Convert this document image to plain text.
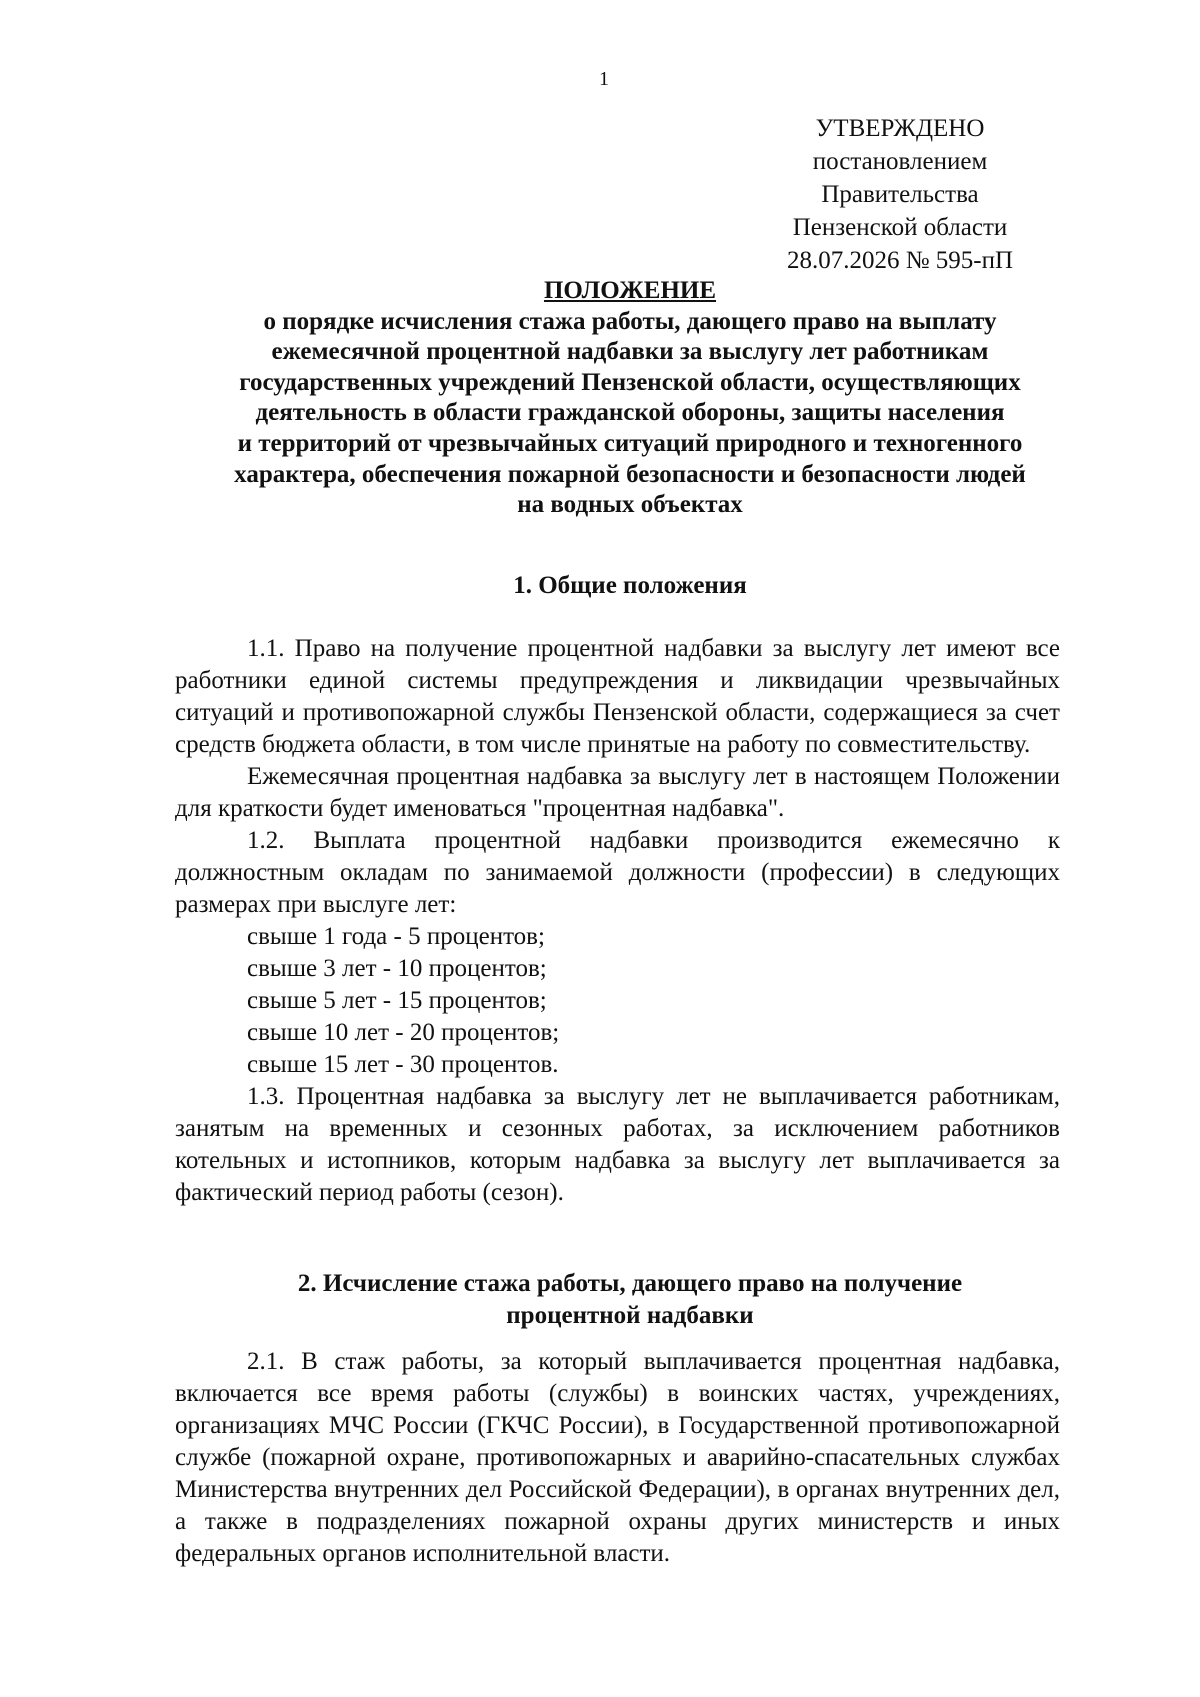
1
УТВЕРЖДЕНО
постановлением Правительства
Пензенской области
28.07.2026 № 595-пП
ПОЛОЖЕНИЕ
о порядке исчисления стажа работы, дающего право на выплату
ежемесячной процентной надбавки за выслугу лет работникам
государственных учреждений Пензенской области, осуществляющих
деятельность в области гражданской обороны, защиты населения
и территорий от чрезвычайных ситуаций природного и техногенного
характера, обеспечения пожарной безопасности и безопасности людей
на водных объектах
1. Общие положения

1.1. Право на получение процентной надбавки за выслугу лет имеют все работники единой системы предупреждения и ликвидации чрезвычайных ситуаций и противопожарной службы Пензенской области, содержащиеся за счет средств бюджета области, в том числе принятые на работу по совместительству.

Ежемесячная процентная надбавка за выслугу лет в настоящем Положении для краткости будет именоваться "процентная надбавка".

1.2. Выплата процентной надбавки производится ежемесячно к должностным окладам по занимаемой должности (профессии) в следующих размерах при выслуге лет:

свыше 1 года - 5 процентов;

свыше 3 лет - 10 процентов;

свыше 5 лет - 15 процентов;

свыше 10 лет - 20 процентов;

свыше 15 лет - 30 процентов.

1.3. Процентная надбавка за выслугу лет не выплачивается работникам, занятым на временных и сезонных работах, за исключением работников котельных и истопников, которым надбавка за выслугу лет выплачивается за фактический период работы (сезон).

2. Исчисление стажа работы, дающего право на получение
процентной надбавки

2.1. В стаж работы, за который выплачивается процентная надбавка, включается все время работы (службы) в воинских частях, учреждениях, организациях МЧС России (ГКЧС России), в Государственной противопожарной службе (пожарной охране, противопожарных и аварийно-спасательных службах Министерства внутренних дел Российской Федерации), в органах внутренних дел, а также в подразделениях пожарной охраны других министерств и иных федеральных органов исполнительной власти.
